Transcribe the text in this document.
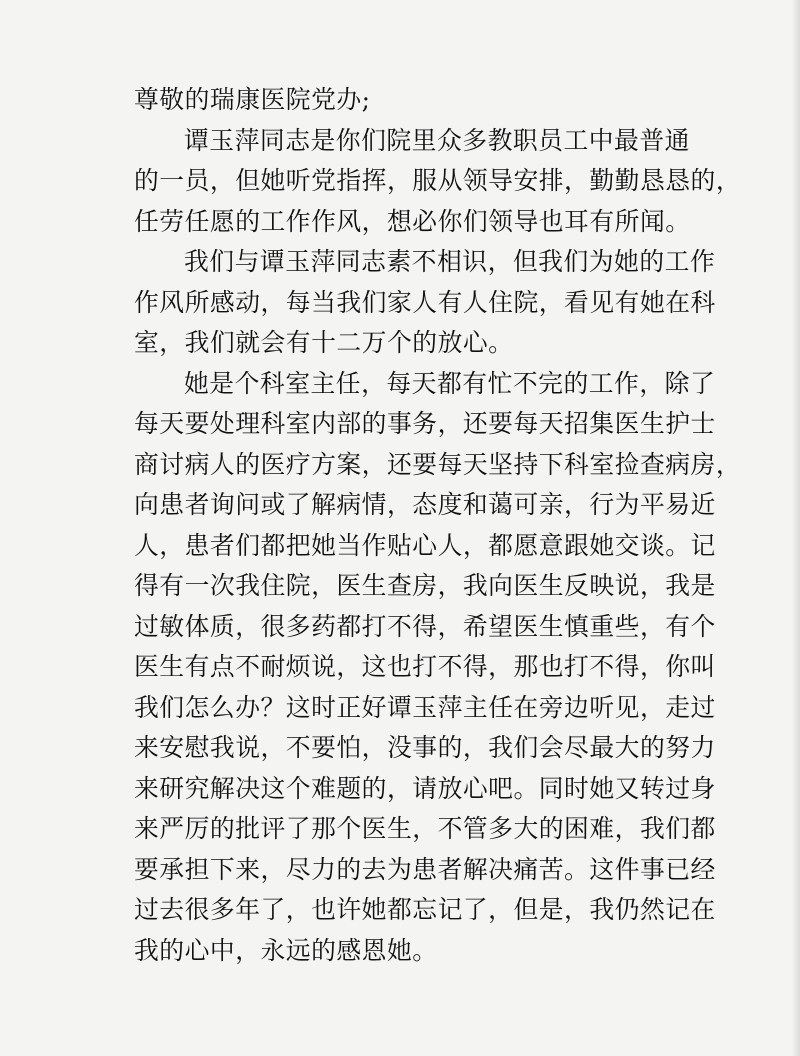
尊敬的瑞康医院党办;
谭玉萍同志是你们院里众多教职员工中最普通
的一员，但她听党指挥，服从领导安排，勤勤恳恳的，
任劳任愿的工作作风，想必你们领导也耳有所闻。
我们与谭玉萍同志素不相识，但我们为她的工作
作风所感动，每当我们家人有人住院，看见有她在科
室，我们就会有十二万个的放心。
她是个科室主任，每天都有忙不完的工作，除了
每天要处理科室内部的事务，还要每天招集医生护士
商讨病人的医疗方案，还要每天坚持下科室捡查病房，
向患者询问或了解病情，态度和蔼可亲，行为平易近
人，患者们都把她当作贴心人，都愿意跟她交谈。记
得有一次我住院，医生查房，我向医生反映说，我是
过敏体质，很多药都打不得，希望医生慎重些，有个
医生有点不耐烦说，这也打不得，那也打不得，你叫
我们怎么办？这时正好谭玉萍主任在旁边听见，走过
来安慰我说，不要怕，没事的，我们会尽最大的努力
来研究解决这个难题的，请放心吧。同时她又转过身
来严厉的批评了那个医生，不管多大的困难，我们都
要承担下来，尽力的去为患者解决痛苦。这件事已经
过去很多年了，也许她都忘记了，但是，我仍然记在
我的心中，永远的感恩她。
